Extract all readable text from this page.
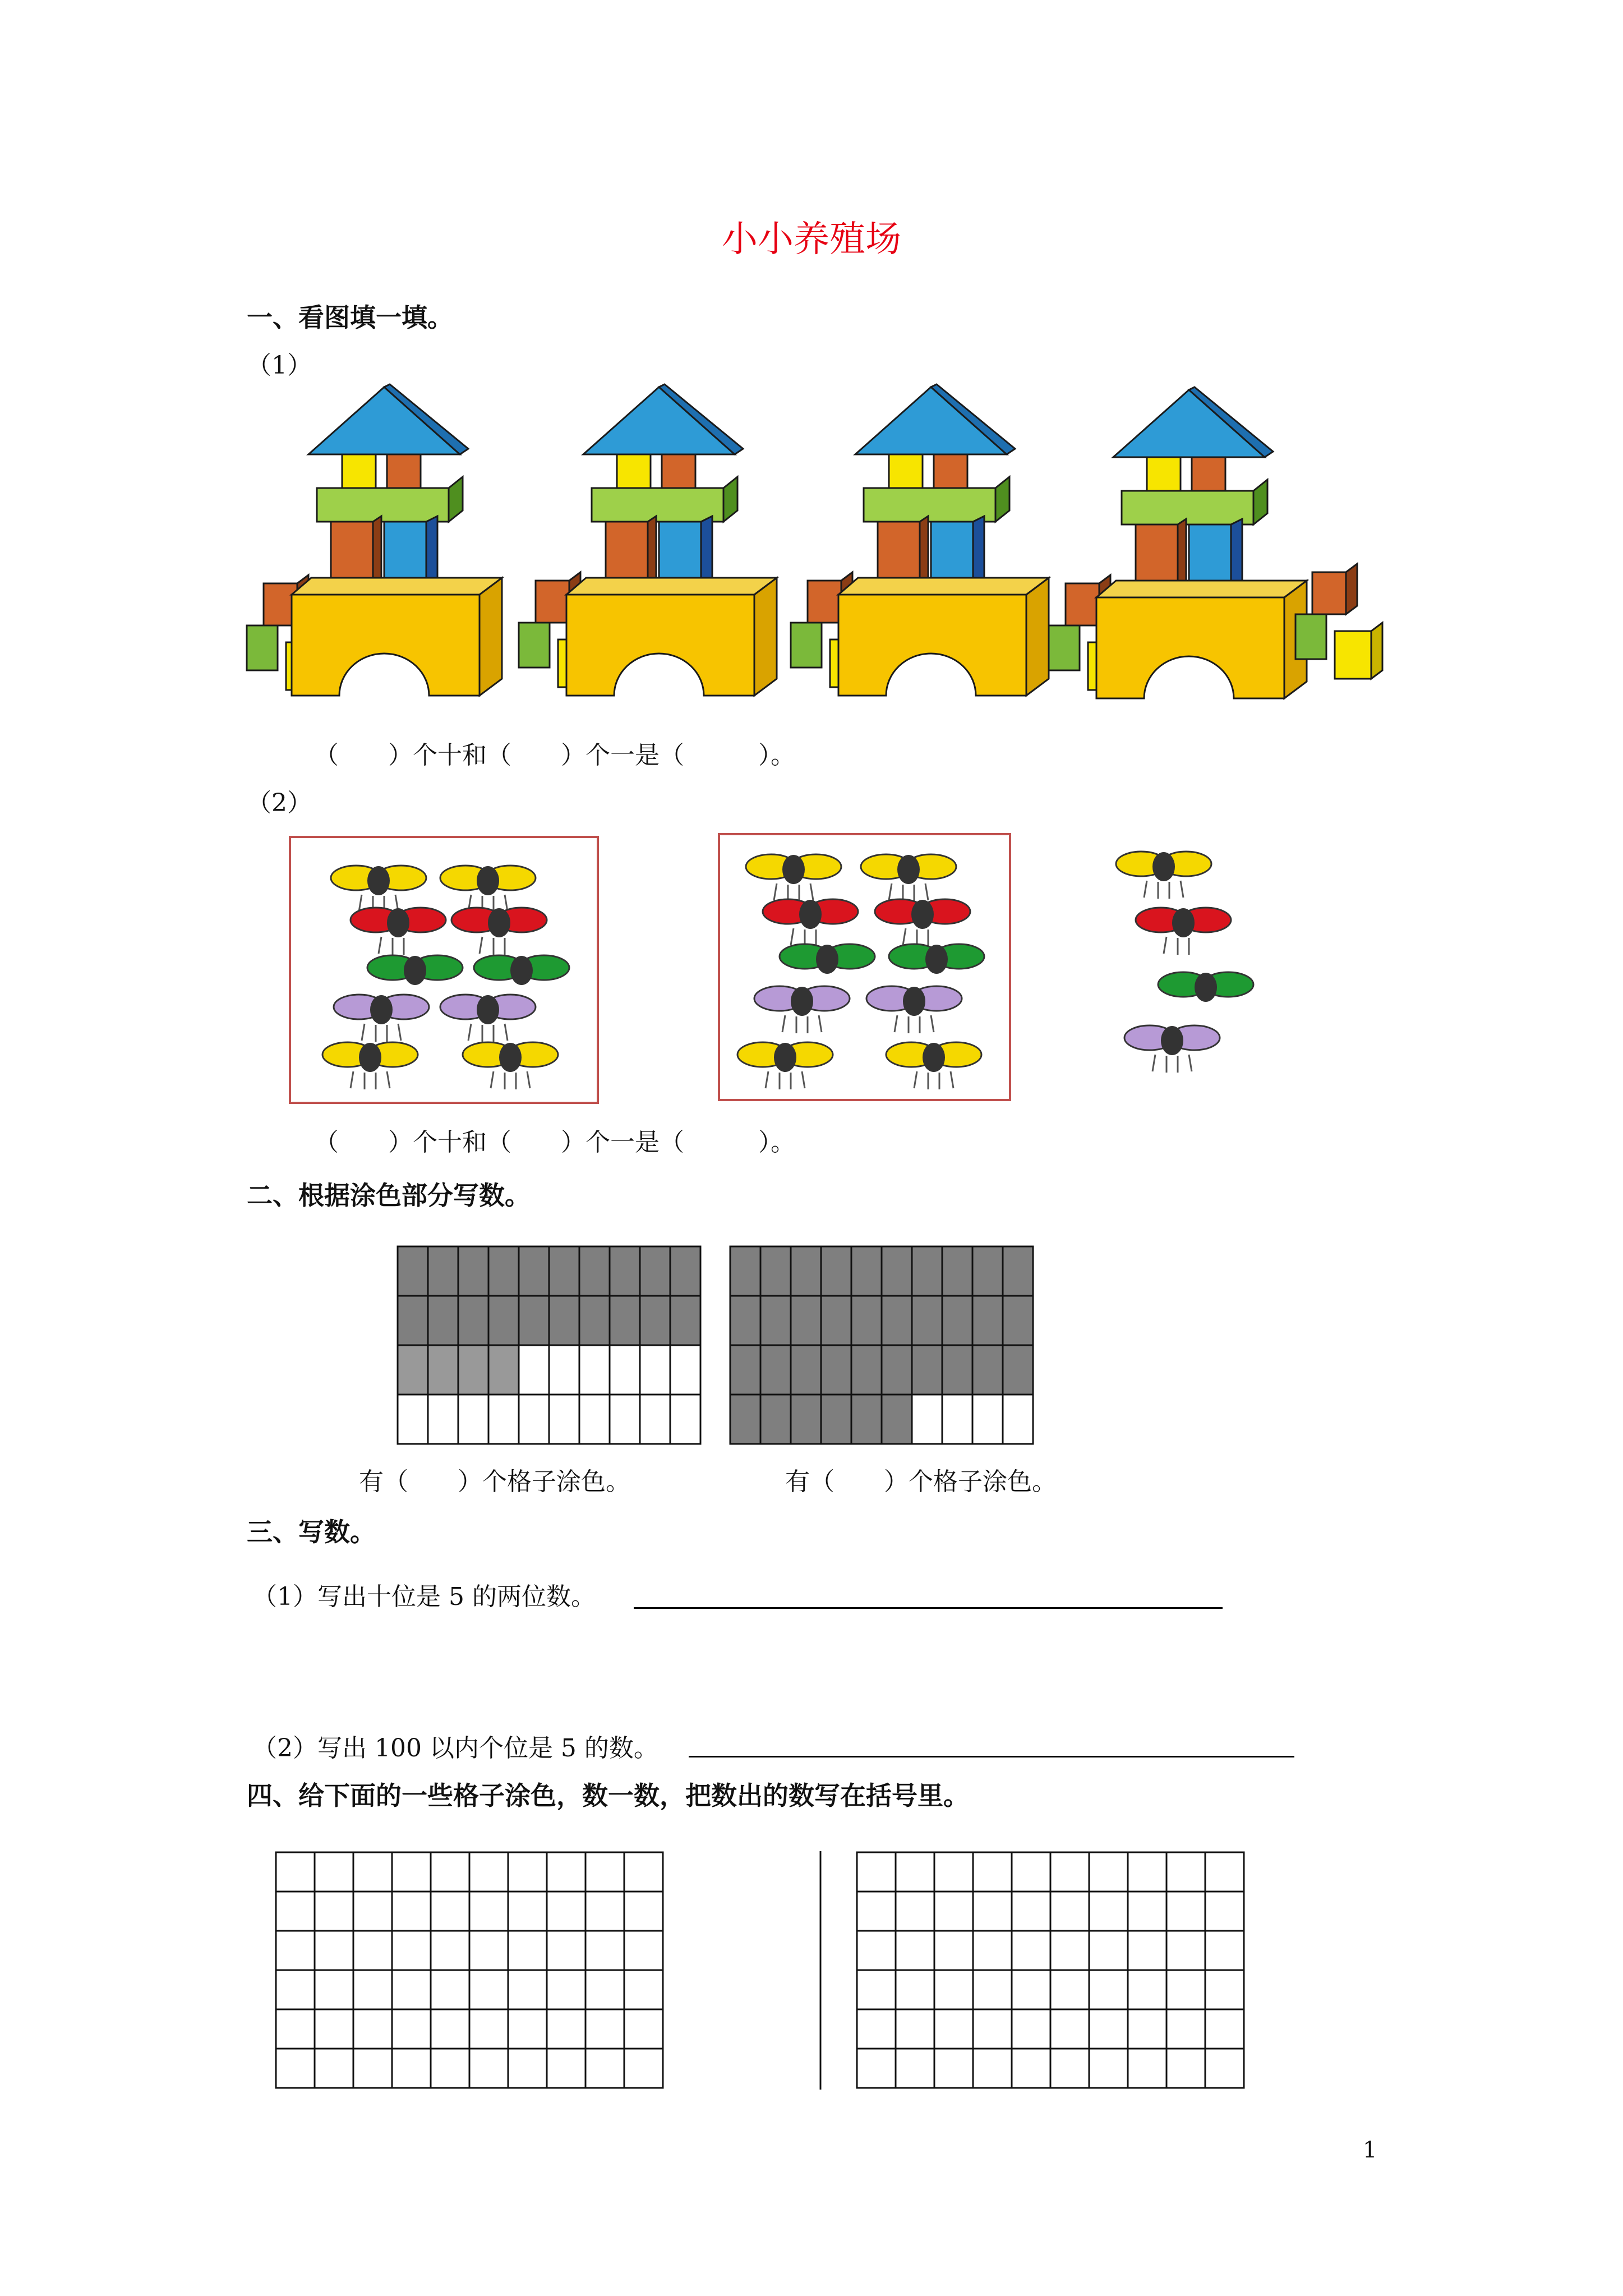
小小养殖场
一、看图填一填。
（1）
（　　）个十和（　　）个一是（　　　）。
（2）
（　　）个十和（　　）个一是（　　　）。
二、根据涂色部分写数。
有（　　）个格子涂色。	有（　　）个格子涂色。
三、写数。
（1）写出十位是 5 的两位数。
（2）写出 100 以内个位是 5 的数。
四、给下面的一些格子涂色，数一数，把数出的数写在括号里。
1
